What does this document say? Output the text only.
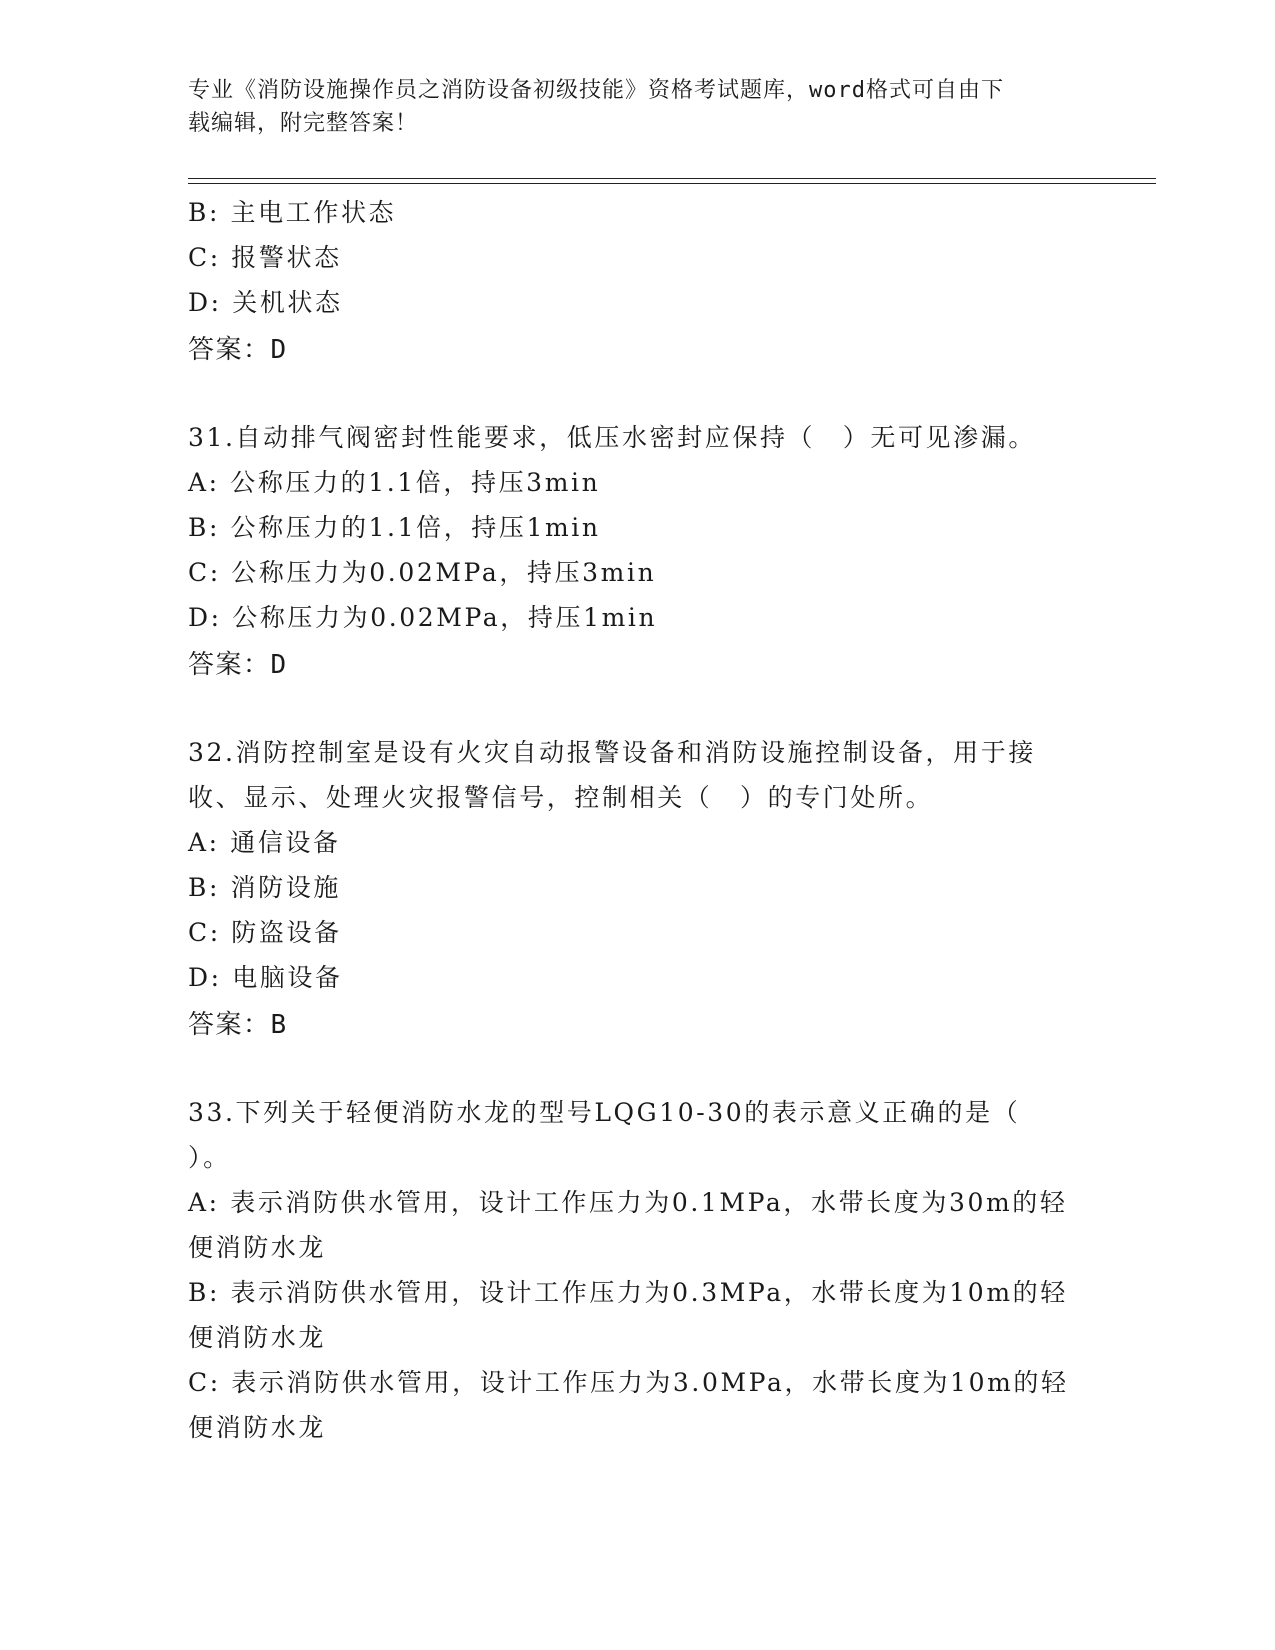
专业《消防设施操作员之消防设备初级技能》资格考试题库，word格式可自由下
载编辑，附完整答案！
B: 主电工作状态
C: 报警状态
D: 关机状态
答案：D
31.自动排气阀密封性能要求，低压水密封应保持（　）无可见渗漏。
A: 公称压力的1.1倍，持压3min
B: 公称压力的1.1倍，持压1min
C: 公称压力为0.02MPa，持压3min
D: 公称压力为0.02MPa，持压1min
答案：D
32.消防控制室是设有火灾自动报警设备和消防设施控制设备，用于接
收、显示、处理火灾报警信号，控制相关（　）的专门处所。
A: 通信设备
B: 消防设施
C: 防盗设备
D: 电脑设备
答案：B
33.下列关于轻便消防水龙的型号LQG10-30的表示意义正确的是（
）。
A: 表示消防供水管用，设计工作压力为0.1MPa，水带长度为30m的轻
便消防水龙
B: 表示消防供水管用，设计工作压力为0.3MPa，水带长度为10m的轻
便消防水龙
C: 表示消防供水管用，设计工作压力为3.0MPa，水带长度为10m的轻
便消防水龙
